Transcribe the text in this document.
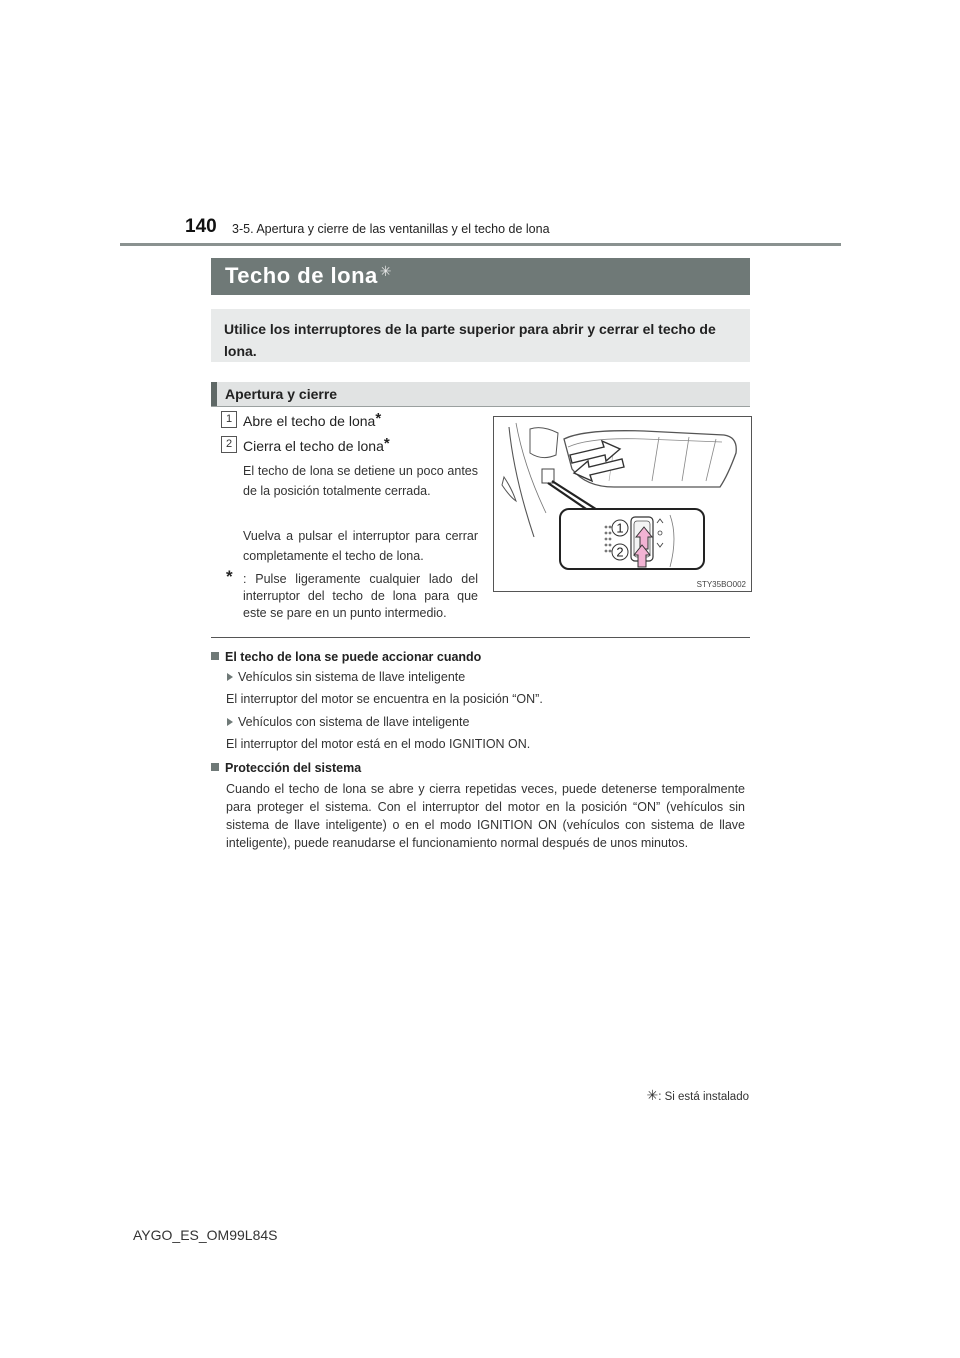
140 3-5. Apertura y cierre de las ventanillas y el techo de lona
Techo de lona ✳
Utilice los interruptores de la parte superior para abrir y cerrar el techo de lona.
Apertura y cierre
1 Abre el techo de lona*
2 Cierra el techo de lona*
El techo de lona se detiene un poco antes de la posición totalmente cerrada.
Vuelva a pulsar el interruptor para cerrar completamente el techo de lona.
* : Pulse ligeramente cualquier lado del interruptor del techo de lona para que este se pare en un punto intermedio.
1
2
STY35BO002
El techo de lona se puede accionar cuando
Vehículos sin sistema de llave inteligente
El interruptor del motor se encuentra en la posición “ON”.
Vehículos con sistema de llave inteligente
El interruptor del motor está en el modo IGNITION ON.
Protección del sistema
Cuando el techo de lona se abre y cierra repetidas veces, puede detenerse temporalmente para proteger el sistema. Con el interruptor del motor en la posición “ON” (vehículos sin sistema de llave inteligente) o en el modo IGNITION ON (vehículos con sistema de llave inteligente), puede reanudarse el funcionamiento normal después de unos minutos.
✳: Si está instalado
AYGO_ES_OM99L84S
